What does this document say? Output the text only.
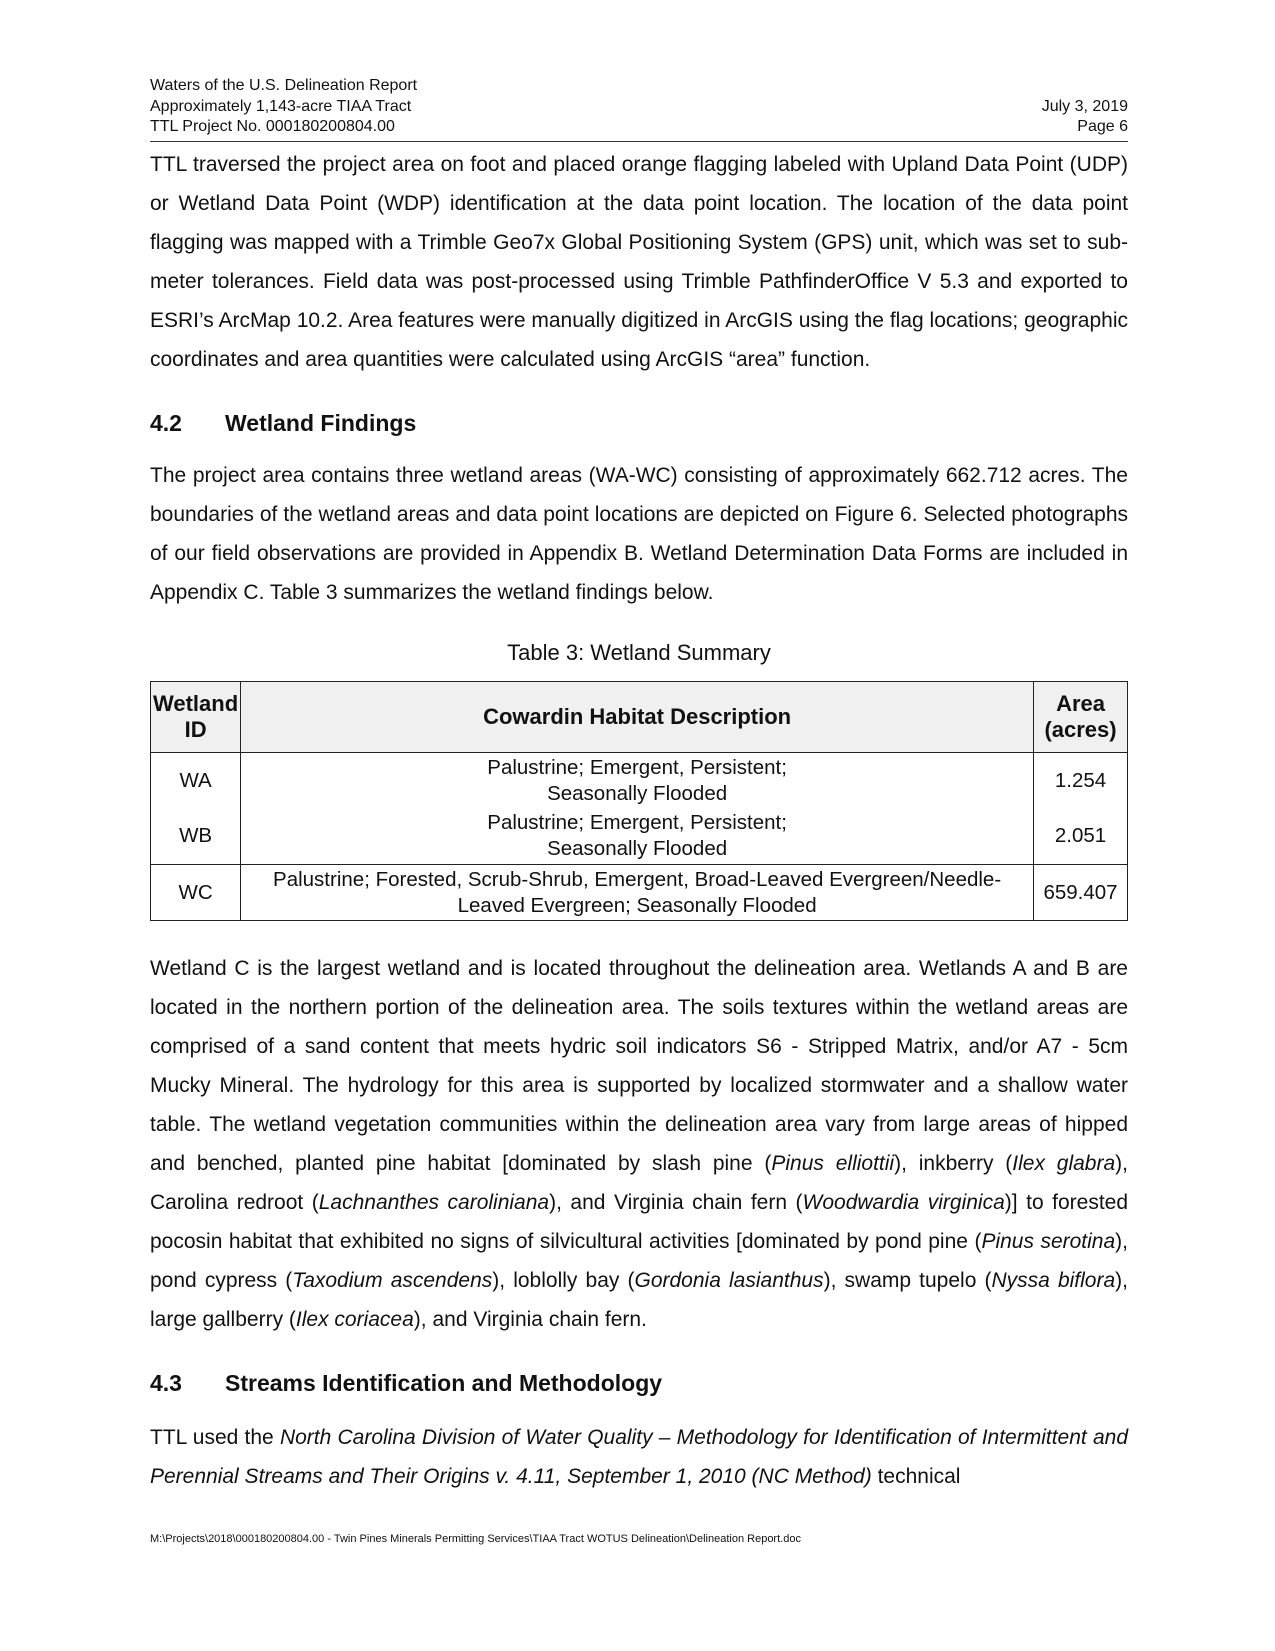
Waters of the U.S. Delineation Report
Approximately 1,143-acre TIAA Tract
TTL Project No. 000180200804.00
July 3, 2019
Page 6

TTL traversed the project area on foot and placed orange flagging labeled with Upland Data Point (UDP) or Wetland Data Point (WDP) identification at the data point location. The location of the data point flagging was mapped with a Trimble Geo7x Global Positioning System (GPS) unit, which was set to sub-meter tolerances. Field data was post-processed using Trimble PathfinderOffice V 5.3 and exported to ESRI’s ArcMap 10.2. Area features were manually digitized in ArcGIS using the flag locations; geographic coordinates and area quantities were calculated using ArcGIS “area” function.

4.2 Wetland Findings

The project area contains three wetland areas (WA-WC) consisting of approximately 662.712 acres. The boundaries of the wetland areas and data point locations are depicted on Figure 6. Selected photographs of our field observations are provided in Appendix B. Wetland Determination Data Forms are included in Appendix C. Table 3 summarizes the wetland findings below.

Table 3: Wetland Summary
Wetland ID	Cowardin Habitat Description	Area (acres)
WA	Palustrine; Emergent, Persistent;
Seasonally Flooded	1.254
WB	Palustrine; Emergent, Persistent;
Seasonally Flooded	2.051
WC	Palustrine; Forested, Scrub-Shrub, Emergent, Broad-Leaved Evergreen/Needle-
Leaved Evergreen; Seasonally Flooded	659.407

Wetland C is the largest wetland and is located throughout the delineation area. Wetlands A and B are located in the northern portion of the delineation area. The soils textures within the wetland areas are comprised of a sand content that meets hydric soil indicators S6 - Stripped Matrix, and/or A7 - 5cm Mucky Mineral. The hydrology for this area is supported by localized stormwater and a shallow water table. The wetland vegetation communities within the delineation area vary from large areas of hipped and benched, planted pine habitat [dominated by slash pine (Pinus elliottii), inkberry (Ilex glabra), Carolina redroot (Lachnanthes caroliniana), and Virginia chain fern (Woodwardia virginica)] to forested pocosin habitat that exhibited no signs of silvicultural activities [dominated by pond pine (Pinus serotina), pond cypress (Taxodium ascendens), loblolly bay (Gordonia lasianthus), swamp tupelo (Nyssa biflora), large gallberry (Ilex coriacea), and Virginia chain fern.

4.3 Streams Identification and Methodology

TTL used the North Carolina Division of Water Quality – Methodology for Identification of Intermittent and Perennial Streams and Their Origins v. 4.11, September 1, 2010 (NC Method) technical

M:\Projects\2018\000180200804.00 - Twin Pines Minerals Permitting Services\TIAA Tract WOTUS Delineation\Delineation Report.doc
